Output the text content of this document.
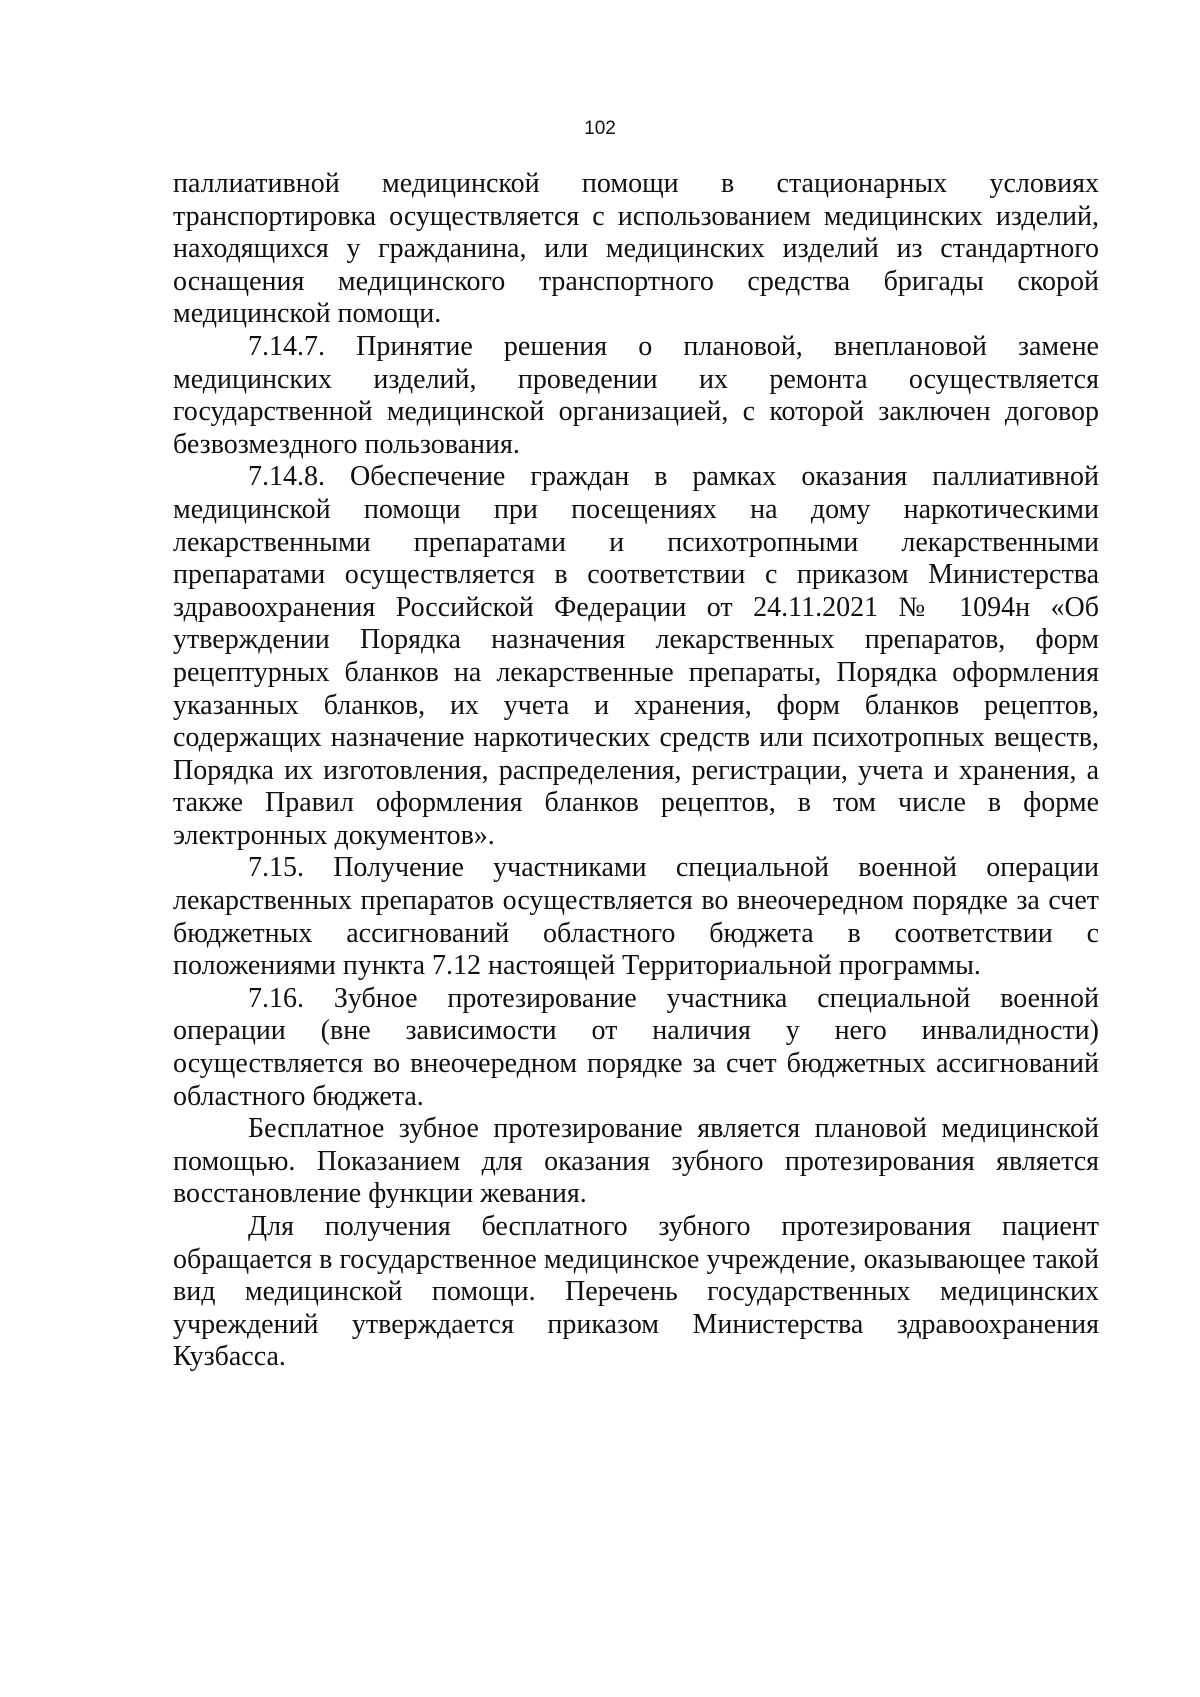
102

паллиативной медицинской помощи в стационарных условиях транспортировка осуществляется с использованием медицинских изделий, находящихся у гражданина, или медицинских изделий из стандартного оснащения медицинского транспортного средства бригады скорой медицинской помощи.

7.14.7. Принятие решения о плановой, внеплановой замене медицинских изделий, проведении их ремонта осуществляется государственной медицинской организацией, с которой заключен договор безвозмездного пользования.

7.14.8. Обеспечение граждан в рамках оказания паллиативной медицинской помощи при посещениях на дому наркотическими лекарственными препаратами и психотропными лекарственными препаратами осуществляется в соответствии с приказом Министерства здравоохранения Российской Федерации от 24.11.2021 № 1094н «Об утверждении Порядка назначения лекарственных препаратов, форм рецептурных бланков на лекарственные препараты, Порядка оформления указанных бланков, их учета и хранения, форм бланков рецептов, содержащих назначение наркотических средств или психотропных веществ, Порядка их изготовления, распределения, регистрации, учета и хранения, а также Правил оформления бланков рецептов, в том числе в форме электронных документов».

7.15. Получение участниками специальной военной операции лекарственных препаратов осуществляется во внеочередном порядке за счет бюджетных ассигнований областного бюджета в соответствии с положениями пункта 7.12 настоящей Территориальной программы.

7.16. Зубное протезирование участника специальной военной операции (вне зависимости от наличия у него инвалидности) осуществляется во внеочередном порядке за счет бюджетных ассигнований областного бюджета.

Бесплатное зубное протезирование является плановой медицинской помощью. Показанием для оказания зубного протезирования является восстановление функции жевания.

Для получения бесплатного зубного протезирования пациент обращается в государственное медицинское учреждение, оказывающее такой вид медицинской помощи. Перечень государственных медицинских учреждений утверждается приказом Министерства здравоохранения Кузбасса.
